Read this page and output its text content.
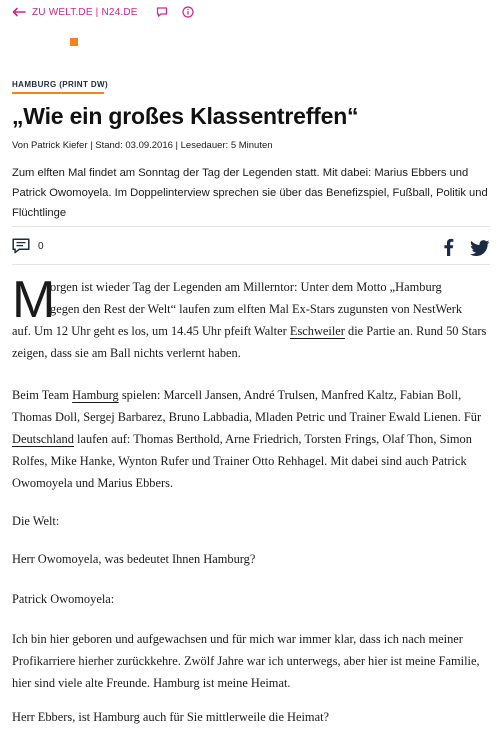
ZU WELT.DE | N24.DE
HAMBURG (PRINT DW)
„Wie ein großes Klassentreffen“
Von Patrick Kiefer | Stand: 03.09.2016 | Lesedauer: 5 Minuten

Zum elften Mal findet am Sonntag der Tag der Legenden statt. Mit dabei: Marius Ebbers und Patrick Owomoyela. Im Doppelinterview sprechen sie über das Benefizspiel, Fußball, Politik und Flüchtlinge

0
M
orgen ist wieder Tag der Legenden am Millerntor: Unter dem Motto „Hamburg
gegen den Rest der Welt“ laufen zum elften Mal Ex-Stars zugunsten von NestWerk
auf. Um 12 Uhr geht es los, um 14.45 Uhr pfeift Walter Eschweiler die Partie an. Rund 50 Stars
zeigen, dass sie am Ball nichts verlernt haben.

Beim Team Hamburg spielen: Marcell Jansen, André Trulsen, Manfred Kaltz, Fabian Boll, Thomas Doll, Sergej Barbarez, Bruno Labbadia, Mladen Petric und Trainer Ewald Lienen. Für Deutschland laufen auf: Thomas Berthold, Arne Friedrich, Torsten Frings, Olaf Thon, Simon Rolfes, Mike Hanke, Wynton Rufer und Trainer Otto Rehhagel. Mit dabei sind auch Patrick Owomoyela und Marius Ebbers.

Die Welt:

Herr Owomoyela, was bedeutet Ihnen Hamburg?

Patrick Owomoyela:

Ich bin hier geboren und aufgewachsen und für mich war immer klar, dass ich nach meiner Profikarriere hierher zurückkehre. Zwölf Jahre war ich unterwegs, aber hier ist meine Familie, hier sind viele alte Freunde. Hamburg ist meine Heimat.

Herr Ebbers, ist Hamburg auch für Sie mittlerweile die Heimat?
